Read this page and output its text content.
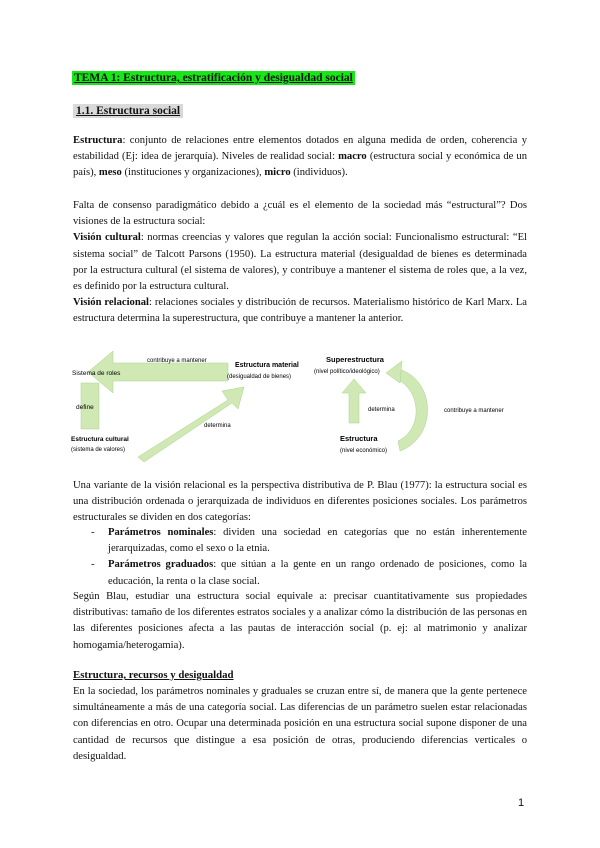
TEMA 1: Estructura, estratificación y desigualdad social
1.1. Estructura social

Estructura: conjunto de relaciones entre elementos dotados en alguna medida de orden, coherencia y estabilidad (Ej: idea de jerarquía). Niveles de realidad social: macro (estructura social y económica de un país), meso (instituciones y organizaciones), micro (individuos).

Falta de consenso paradigmático debido a ¿cuál es el elemento de la sociedad más “estructural”? Dos visiones de la estructura social:
Visión cultural: normas creencias y valores que regulan la acción social: Funcionalismo estructural: “El sistema social” de Talcott Parsons (1950). La estructura material (desigualdad de bienes es determinada por la estructura cultural (el sistema de valores), y contribuye a mantener el sistema de roles que, a la vez, es definido por la estructura cultural.
Visión relacional: relaciones sociales y distribución de recursos. Materialismo histórico de Karl Marx. La estructura determina la superestructura, que contribuye a mantener la anterior.

contribuye a mantener
Sistema de roles
Estructura material
(desigualdad de bienes)
define
determina
Estructura cultural
(sistema de valores)
Superestructura
(nivel político/ideológico)
determina	contribuye a mantener
Estructura
(nivel económico)

Una variante de la visión relacional es la perspectiva distributiva de P. Blau (1977): la estructura social es una distribución ordenada o jerarquizada de individuos en diferentes posiciones sociales. Los parámetros estructurales se dividen en dos categorías:

- Parámetros nominales: dividen una sociedad en categorías que no están inherentemente jerarquizadas, como el sexo o la etnia.
- Parámetros graduados: que sitúan a la gente en un rango ordenado de posiciones, como la educación, la renta o la clase social.

Según Blau, estudiar una estructura social equivale a: precisar cuantitativamente sus propiedades distributivas: tamaño de los diferentes estratos sociales y a analizar cómo la distribución de las personas en las diferentes posiciones afecta a las pautas de interacción social (p. ej: al matrimonio y analizar homogamia/heterogamia).

Estructura, recursos y desigualdad

En la sociedad, los parámetros nominales y graduales se cruzan entre sí, de manera que la gente pertenece simultáneamente a más de una categoría social. Las diferencias de un parámetro suelen estar relacionadas con diferencias en otro. Ocupar una determinada posición en una estructura social supone disponer de una cantidad de recursos que distingue a esa posición de otras, produciendo diferencias verticales o desigualdad.

1
